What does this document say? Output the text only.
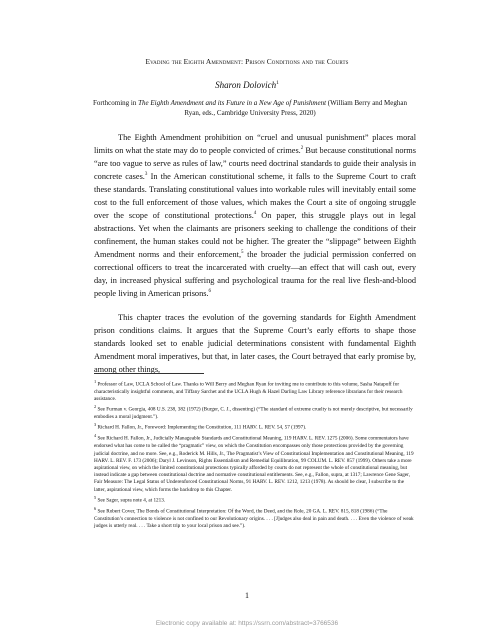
Evading the Eighth Amendment: Prison Conditions and the Courts
Sharon Dolovich$^1$
Forthcoming in The Eighth Amendment and its Future in a New Age of Punishment (William Berry and Meghan Ryan, eds., Cambridge University Press, 2020)
The Eighth Amendment prohibition on “cruel and unusual punishment” places moral limits on what the state may do to people convicted of crimes.$^2$ But because constitutional norms “are too vague to serve as rules of law,” courts need doctrinal standards to guide their analysis in concrete cases.$^3$ In the American constitutional scheme, it falls to the Supreme Court to craft these standards. Translating constitutional values into workable rules will inevitably entail some cost to the full enforcement of those values, which makes the Court a site of ongoing struggle over the scope of constitutional protections.$^4$ On paper, this struggle plays out in legal abstractions. Yet when the claimants are prisoners seeking to challenge the conditions of their confinement, the human stakes could not be higher. The greater the “slippage” between Eighth Amendment norms and their enforcement,$^5$ the broader the judicial permission conferred on correctional officers to treat the incarcerated with cruelty—an effect that will cash out, every day, in increased physical suffering and psychological trauma for the real live flesh-and-blood people living in American prisons.$^6$
This chapter traces the evolution of the governing standards for Eighth Amendment prison conditions claims. It argues that the Supreme Court’s early efforts to shape those standards looked set to enable judicial determinations consistent with fundamental Eighth Amendment moral imperatives, but that, in later cases, the Court betrayed that early promise by, among other things,

$^1$ Professor of Law, UCLA School of Law. Thanks to Will Berry and Meghan Ryan for inviting me to contribute to this volume, Sasha Natapoff for characteristically insightful comments, and Tiffany Sarchet and the UCLA Hugh & Hazel Darling Law Library reference librarians for their research assistance.

$^2$ See Furman v. Georgia, 408 U.S. 238, 382 (1972) (Burger, C. J., dissenting) (“The standard of extreme cruelty is not merely descriptive, but necessarily embodies a moral judgment.”).

$^3$ Richard H. Fallon, Jr., Foreword: Implementing the Constitution, 111 HARV. L. REV. 54, 57 (1997).

$^4$ See Richard H. Fallon, Jr., Judicially Manageable Standards and Constitutional Meaning, 119 HARV. L. REV. 1275 (2006). Some commentators have endorsed what has come to be called the “pragmatic” view, on which the Constitution encompasses only those protections provided by the governing judicial doctrine, and no more. See, e.g., Roderick M. Hills, Jr., The Pragmatist’s View of Constitutional Implementation and Constitutional Meaning, 119 HARV. L. REV. F. 173 (2006); Daryl J. Levinson, Rights Essentialism and Remedial Equilibration, 99 COLUM. L. REV. 857 (1999). Others take a more aspirational view, on which the limited constitutional protections typically afforded by courts do not represent the whole of constitutional meaning, but instead indicate a gap between constitutional doctrine and normative constitutional entitlements. See, e.g., Fallon, supra, at 1317; Lawrence Gene Sager, Fair Measure: The Legal Status of Underenforced Constitutional Norms, 91 HARV. L. REV. 1212, 1213 (1978). As should be clear, I subscribe to the latter, aspirational view, which forms the backdrop to this Chapter.

$^5$ See Sager, supra note 4, at 1213.

$^6$ See Robert Cover, The Bonds of Constitutional Interpretation: Of the Word, the Deed, and the Role, 20 GA. L. REV. 815, 818 (1986) (“The Constitution’s connection to violence is not confined to our Revolutionary origins. . . . [J]udges also deal in pain and death. . . . Even the violence of weak judges is utterly real. . . . Take a short trip to your local prison and see.”).

1
Electronic copy available at: https://ssrn.com/abstract=3766536
